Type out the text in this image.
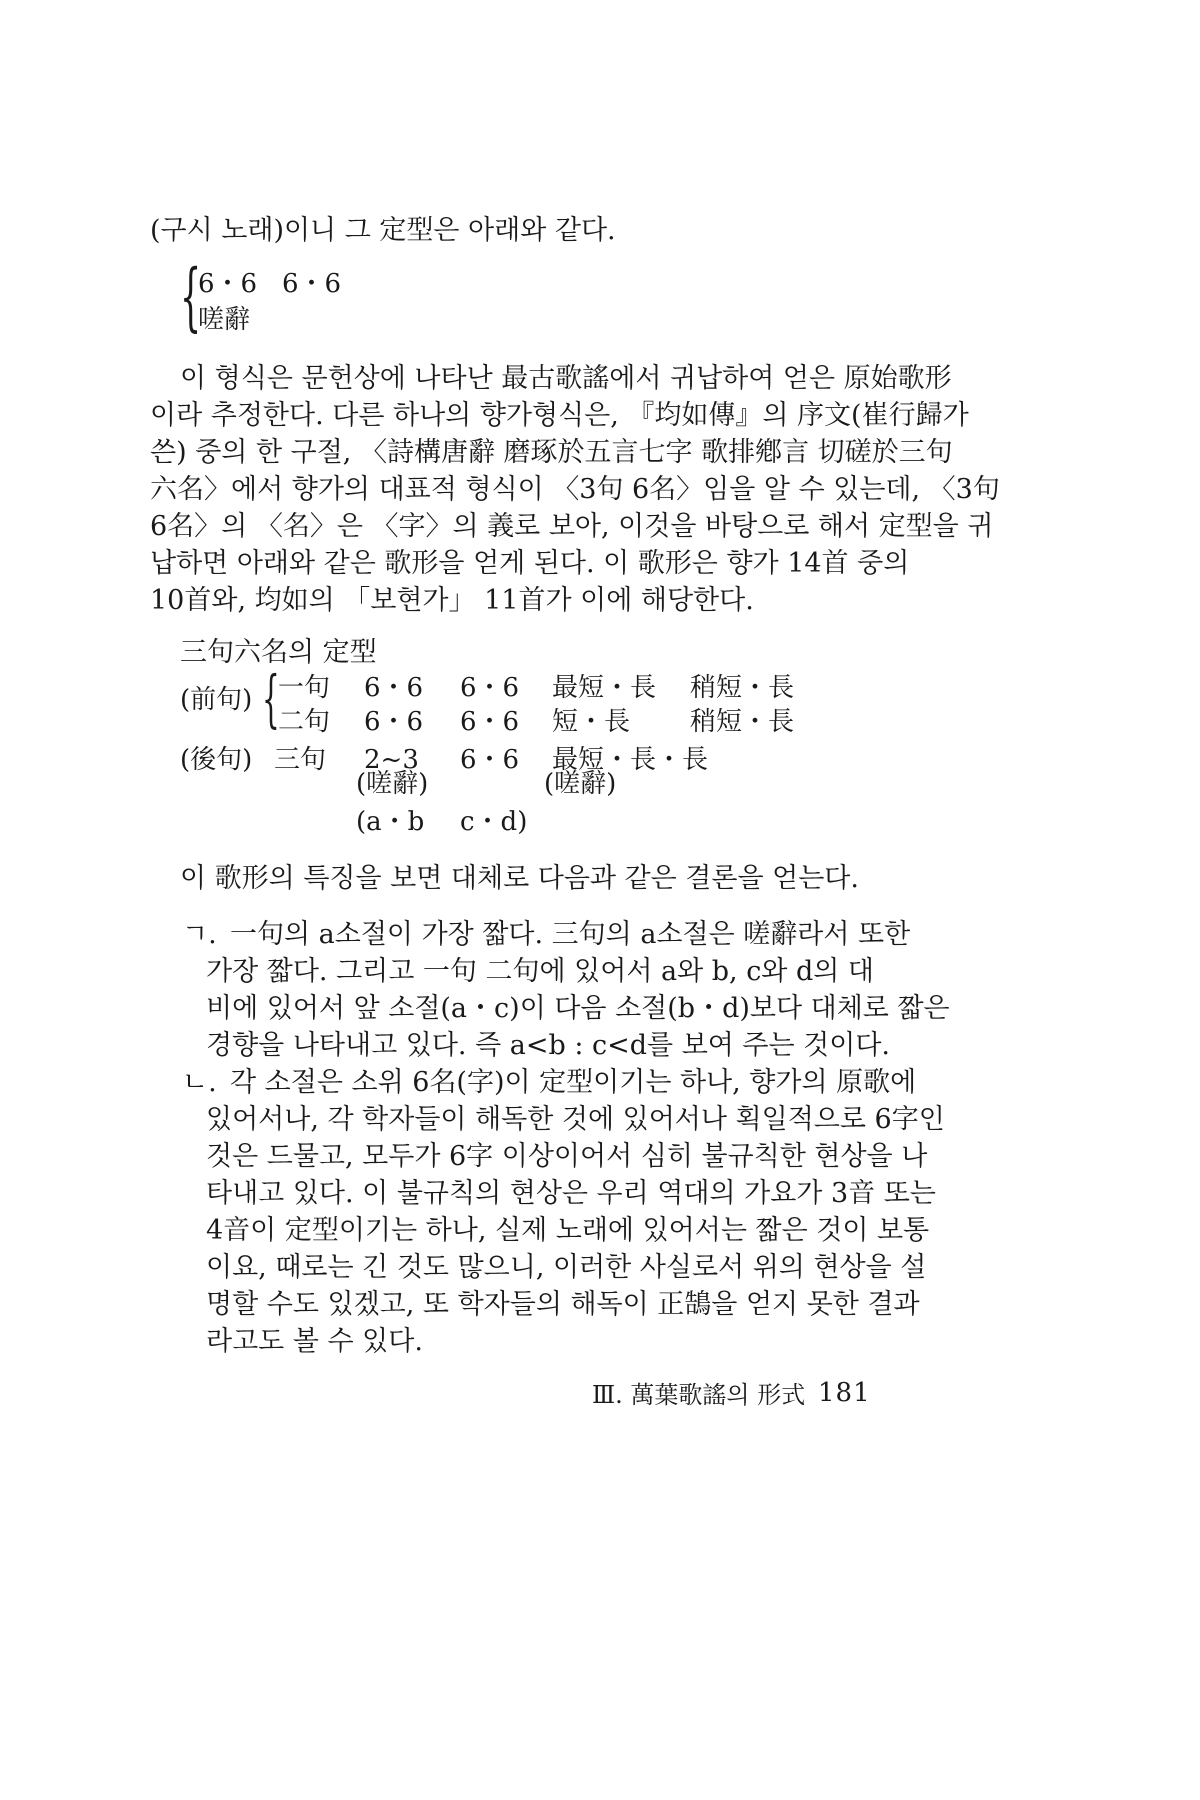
(구시 노래)이니 그 定型은 아래와 같다.
{
6・6 6・6
嗟辭
이 형식은 문헌상에 나타난 最古歌謠에서 귀납하여 얻은 原始歌形
이라 추정한다. 다른 하나의 향가형식은, 『均如傳』의 序文(崔行歸가
쓴) 중의 한 구절, 〈詩構唐辭 磨琢於五言七字 歌排鄕言 切磋於三句
六名〉에서 향가의 대표적 형식이 〈3句 6名〉임을 알 수 있는데, 〈3句
6名〉의 〈名〉은 〈字〉의 義로 보아, 이것을 바탕으로 해서 定型을 귀
납하면 아래와 같은 歌形을 얻게 된다. 이 歌形은 향가 14首 중의
10首와, 均如의 「보현가」 11首가 이에 해당한다.
三句六名의 定型
(前句) {
一句 6・6 6・6 最短・長 稍短・長
二句 6・6 6・6 短・長 稍短・長
(後句) 三句 2~3 6・6 最短・長・長
(嗟辭)	(嗟辭)
(a・b c・d)
이 歌形의 특징을 보면 대체로 다음과 같은 결론을 얻는다.
ㄱ. 一句의 a소절이 가장 짧다. 三句의 a소절은 嗟辭라서 또한
가장 짧다. 그리고 一句 二句에 있어서 a와 b, c와 d의 대
비에 있어서 앞 소절(a・c)이 다음 소절(b・d)보다 대체로 짧은
경향을 나타내고 있다. 즉 a<b : c<d를 보여 주는 것이다.
ㄴ. 각 소절은 소위 6名(字)이 定型이기는 하나, 향가의 原歌에
있어서나, 각 학자들이 해독한 것에 있어서나 획일적으로 6字인
것은 드물고, 모두가 6字 이상이어서 심히 불규칙한 현상을 나
타내고 있다. 이 불규칙의 현상은 우리 역대의 가요가 3音 또는
4音이 定型이기는 하나, 실제 노래에 있어서는 짧은 것이 보통
이요, 때로는 긴 것도 많으니, 이러한 사실로서 위의 현상을 설
명할 수도 있겠고, 또 학자들의 해독이 正鵠을 얻지 못한 결과
라고도 볼 수 있다.
Ⅲ. 萬葉歌謠의 形式 181
